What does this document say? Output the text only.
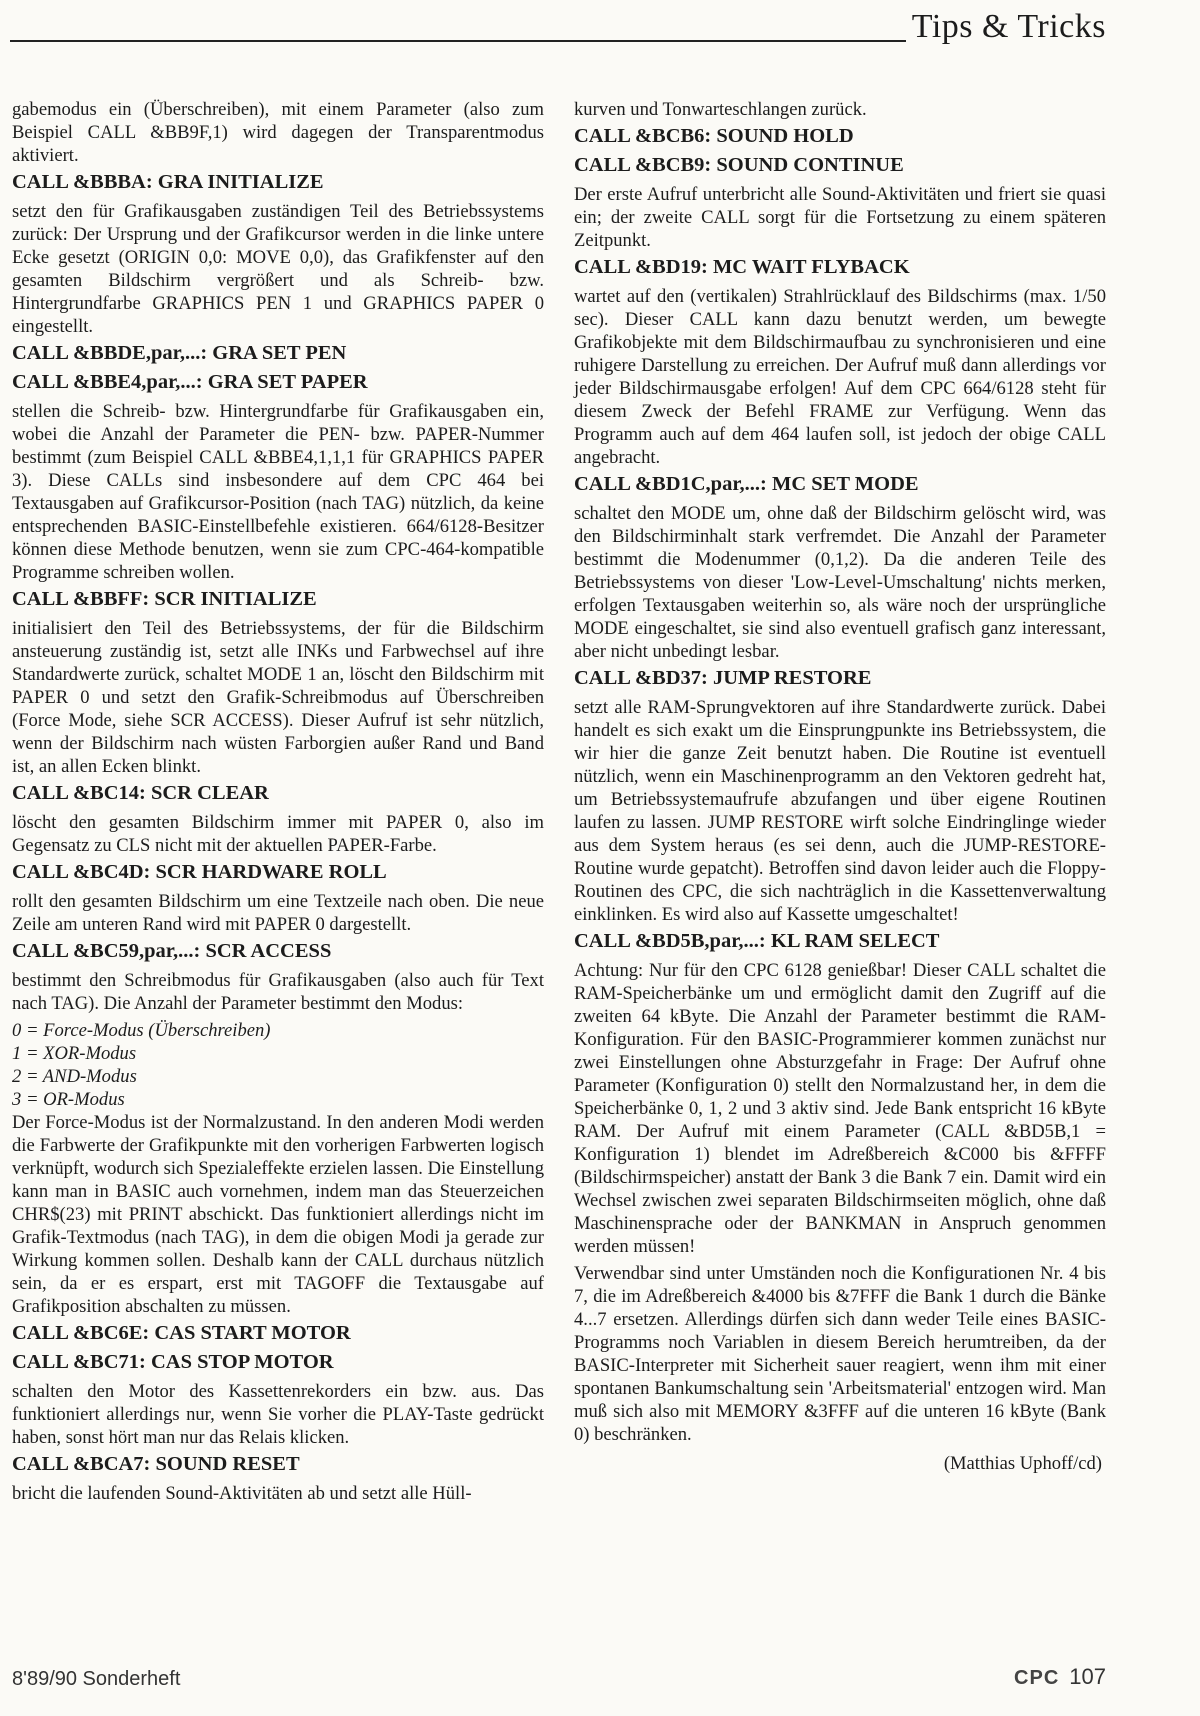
Tips & Tricks

gabemodus ein (Überschreiben), mit einem Parameter (also zum Beispiel CALL &BB9F,1) wird dagegen der Transparentmodus aktiviert.

CALL &BBBA: GRA INITIALIZE

setzt den für Grafikausgaben zuständigen Teil des Betriebssystems zurück: Der Ursprung und der Grafikcursor werden in die linke untere Ecke gesetzt (ORIGIN 0,0: MOVE 0,0), das Grafikfenster auf den gesamten Bildschirm vergrößert und als Schreib- bzw. Hintergrundfarbe GRAPHICS PEN 1 und GRAPHICS PAPER 0 eingestellt.

CALL &BBDE,par,...: GRA SET PEN
CALL &BBE4,par,...: GRA SET PAPER

stellen die Schreib- bzw. Hintergrundfarbe für Grafikausgaben ein, wobei die Anzahl der Parameter die PEN- bzw. PAPER-Nummer bestimmt (zum Beispiel CALL &BBE4,1,1,1 für GRAPHICS PAPER 3). Diese CALLs sind insbesondere auf dem CPC 464 bei Textausgaben auf Grafikcursor-Position (nach TAG) nützlich, da keine entsprechenden BASIC-Einstellbefehle existieren. 664/6128-Besitzer können diese Methode benutzen, wenn sie zum CPC-464-kompatible Programme schreiben wollen.

CALL &BBFF: SCR INITIALIZE

initialisiert den Teil des Betriebssystems, der für die Bildschirm ansteuerung zuständig ist, setzt alle INKs und Farbwechsel auf ihre Standardwerte zurück, schaltet MODE 1 an, löscht den Bildschirm mit PAPER 0 und setzt den Grafik-Schreibmodus auf Überschreiben (Force Mode, siehe SCR ACCESS). Dieser Aufruf ist sehr nützlich, wenn der Bildschirm nach wüsten Farborgien außer Rand und Band ist, an allen Ecken blinkt.

CALL &BC14: SCR CLEAR

löscht den gesamten Bildschirm immer mit PAPER 0, also im Gegensatz zu CLS nicht mit der aktuellen PAPER-Farbe.

CALL &BC4D: SCR HARDWARE ROLL

rollt den gesamten Bildschirm um eine Textzeile nach oben. Die neue Zeile am unteren Rand wird mit PAPER 0 dargestellt.

CALL &BC59,par,...: SCR ACCESS

bestimmt den Schreibmodus für Grafikausgaben (also auch für Text nach TAG). Die Anzahl der Parameter bestimmt den Modus:

0 = Force-Modus (Überschreiben)

1 = XOR-Modus

2 = AND-Modus

3 = OR-Modus

Der Force-Modus ist der Normalzustand. In den anderen Modi werden die Farbwerte der Grafikpunkte mit den vorherigen Farbwerten logisch verknüpft, wodurch sich Spezialeffekte erzielen lassen. Die Einstellung kann man in BASIC auch vornehmen, indem man das Steuerzeichen CHR$(23) mit PRINT abschickt. Das funktioniert allerdings nicht im Grafik-Textmodus (nach TAG), in dem die obigen Modi ja gerade zur Wirkung kommen sollen. Deshalb kann der CALL durchaus nützlich sein, da er es erspart, erst mit TAGOFF die Textausgabe auf Grafikposition abschalten zu müssen.

CALL &BC6E: CAS START MOTOR
CALL &BC71: CAS STOP MOTOR

schalten den Motor des Kassettenrekorders ein bzw. aus. Das funktioniert allerdings nur, wenn Sie vorher die PLAY-Taste gedrückt haben, sonst hört man nur das Relais klicken.

CALL &BCA7: SOUND RESET

bricht die laufenden Sound-Aktivitäten ab und setzt alle Hüll-

kurven und Tonwarteschlangen zurück.

CALL &BCB6: SOUND HOLD
CALL &BCB9: SOUND CONTINUE

Der erste Aufruf unterbricht alle Sound-Aktivitäten und friert sie quasi ein; der zweite CALL sorgt für die Fortsetzung zu einem späteren Zeitpunkt.

CALL &BD19: MC WAIT FLYBACK

wartet auf den (vertikalen) Strahlrücklauf des Bildschirms (max. 1/50 sec). Dieser CALL kann dazu benutzt werden, um bewegte Grafikobjekte mit dem Bildschirmaufbau zu synchronisieren und eine ruhigere Darstellung zu erreichen. Der Aufruf muß dann allerdings vor jeder Bildschirmausgabe erfolgen! Auf dem CPC 664/6128 steht für diesem Zweck der Befehl FRAME zur Verfügung. Wenn das Programm auch auf dem 464 laufen soll, ist jedoch der obige CALL angebracht.

CALL &BD1C,par,...: MC SET MODE

schaltet den MODE um, ohne daß der Bildschirm gelöscht wird, was den Bildschirminhalt stark verfremdet. Die Anzahl der Parameter bestimmt die Modenummer (0,1,2). Da die anderen Teile des Betriebssystems von dieser 'Low-Level-Umschaltung' nichts merken, erfolgen Textausgaben weiterhin so, als wäre noch der ursprüngliche MODE eingeschaltet, sie sind also eventuell grafisch ganz interessant, aber nicht unbedingt lesbar.

CALL &BD37: JUMP RESTORE

setzt alle RAM-Sprungvektoren auf ihre Standardwerte zurück. Dabei handelt es sich exakt um die Einsprungpunkte ins Betriebssystem, die wir hier die ganze Zeit benutzt haben. Die Routine ist eventuell nützlich, wenn ein Maschinenprogramm an den Vektoren gedreht hat, um Betriebssystemaufrufe abzufangen und über eigene Routinen laufen zu lassen. JUMP RESTORE wirft solche Eindringlinge wieder aus dem System heraus (es sei denn, auch die JUMP-RESTORE-Routine wurde gepatcht). Betroffen sind davon leider auch die Floppy-Routinen des CPC, die sich nachträglich in die Kassettenverwaltung einklinken. Es wird also auf Kassette umgeschaltet!

CALL &BD5B,par,...: KL RAM SELECT

Achtung: Nur für den CPC 6128 genießbar! Dieser CALL schaltet die RAM-Speicherbänke um und ermöglicht damit den Zugriff auf die zweiten 64 kByte. Die Anzahl der Parameter bestimmt die RAM-Konfiguration. Für den BASIC-Programmierer kommen zunächst nur zwei Einstellungen ohne Absturzgefahr in Frage: Der Aufruf ohne Parameter (Konfiguration 0) stellt den Normalzustand her, in dem die Speicherbänke 0, 1, 2 und 3 aktiv sind. Jede Bank entspricht 16 kByte RAM. Der Aufruf mit einem Parameter (CALL &BD5B,1 = Konfiguration 1) blendet im Adreßbereich &C000 bis &FFFF (Bildschirmspeicher) anstatt der Bank 3 die Bank 7 ein. Damit wird ein Wechsel zwischen zwei separaten Bildschirmseiten möglich, ohne daß Maschinensprache oder der BANKMAN in Anspruch genommen werden müssen!

Verwendbar sind unter Umständen noch die Konfigurationen Nr. 4 bis 7, die im Adreßbereich &4000 bis &7FFF die Bank 1 durch die Bänke 4...7 ersetzen. Allerdings dürfen sich dann weder Teile eines BASIC-Programms noch Variablen in diesem Bereich herumtreiben, da der BASIC-Interpreter mit Sicherheit sauer reagiert, wenn ihm mit einer spontanen Bankumschaltung sein 'Arbeitsmaterial' entzogen wird. Man muß sich also mit MEMORY &3FFF auf die unteren 16 kByte (Bank 0) beschränken.

(Matthias Uphoff/cd)

8'89/90 Sonderheft	CPC 107
